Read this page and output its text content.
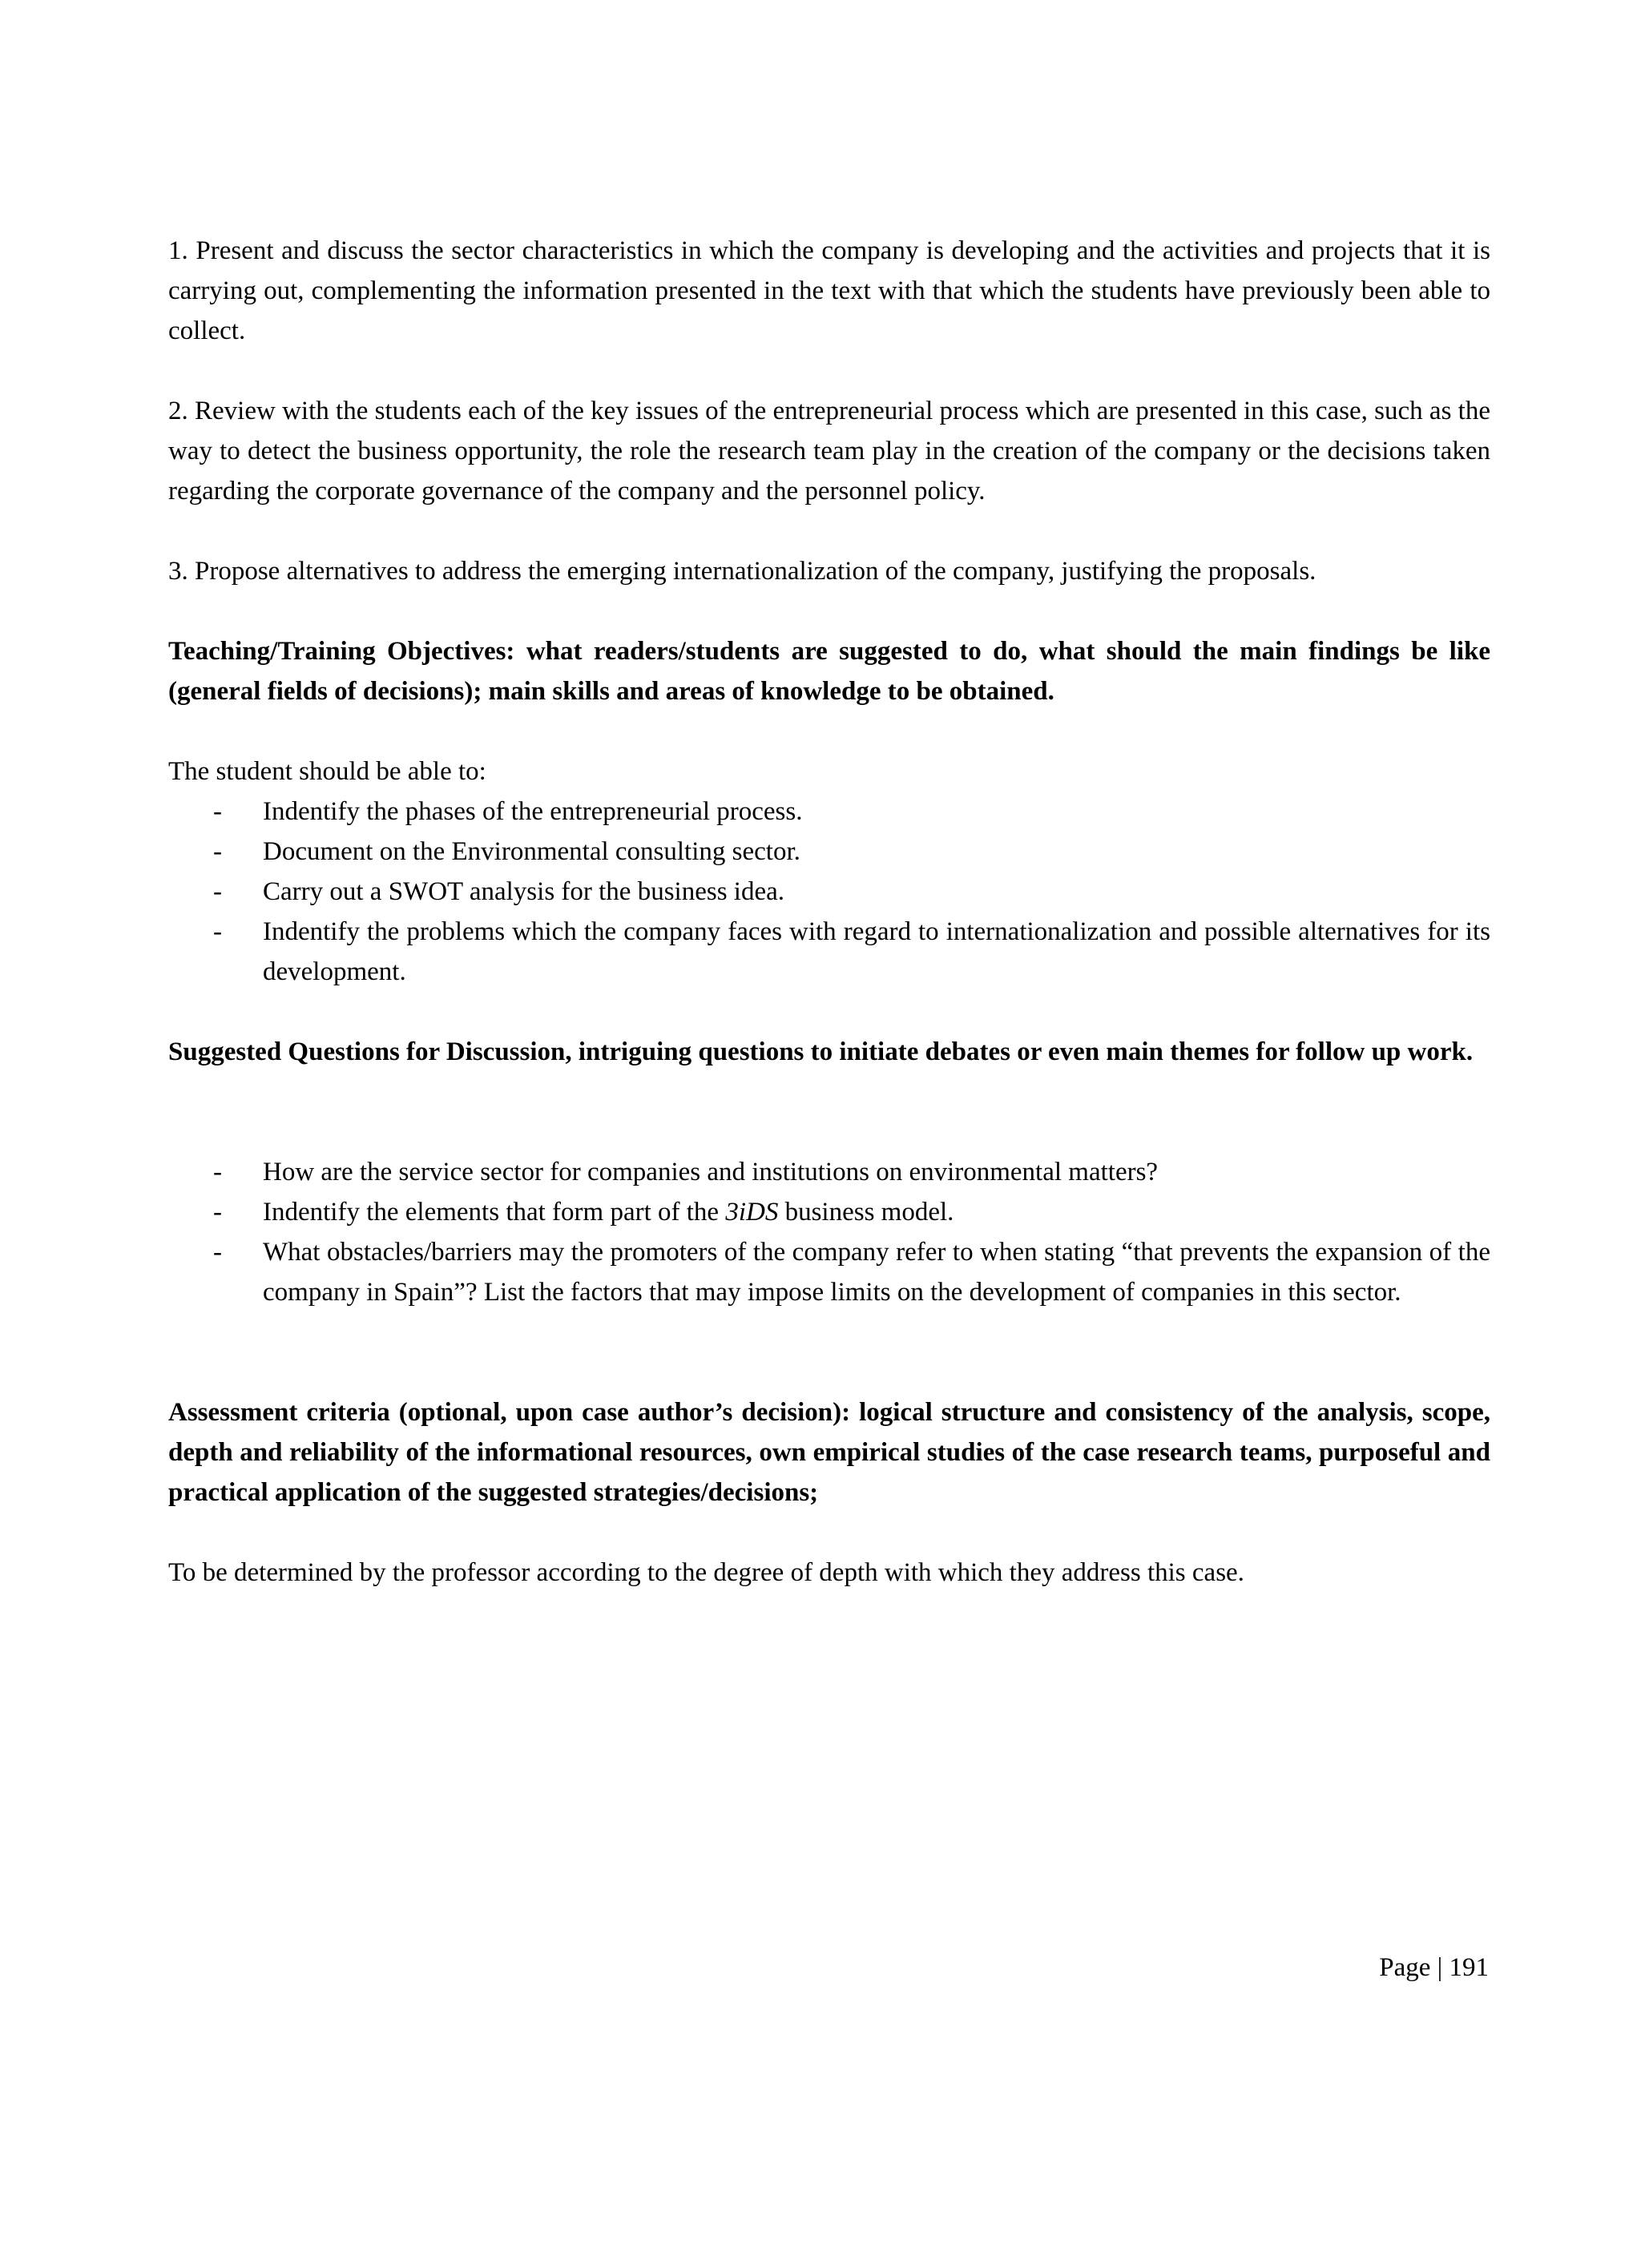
1. Present and discuss the sector characteristics in which the company is developing and the activities and projects that it is carrying out, complementing the information presented in the text with that which the students have previously been able to collect.

2. Review with the students each of the key issues of the entrepreneurial process which are presented in this case, such as the way to detect the business opportunity, the role the research team play in the creation of the company or the decisions taken regarding the corporate governance of the company and the personnel policy.

3. Propose alternatives to address the emerging internationalization of the company, justifying the proposals.

Teaching/Training Objectives: what readers/students are suggested to do, what should the main findings be like (general fields of decisions); main skills and areas of knowledge to be obtained.

The student should be able to:

- Indentify the phases of the entrepreneurial process.
- Document on the Environmental consulting sector.
- Carry out a SWOT analysis for the business idea.
- Indentify the problems which the company faces with regard to internationalization and possible alternatives for its development.

Suggested Questions for Discussion, intriguing questions to initiate debates or even main themes for follow up work.

- How are the service sector for companies and institutions on environmental matters?
- Indentify the elements that form part of the 3iDS business model.
- What obstacles/barriers may the promoters of the company refer to when stating “that prevents the expansion of the company in Spain”? List the factors that may impose limits on the development of companies in this sector.

Assessment criteria (optional, upon case author’s decision): logical structure and consistency of the analysis, scope, depth and reliability of the informational resources, own empirical studies of the case research teams, purposeful and practical application of the suggested strategies/decisions;

To be determined by the professor according to the degree of depth with which they address this case.

Page | 191
